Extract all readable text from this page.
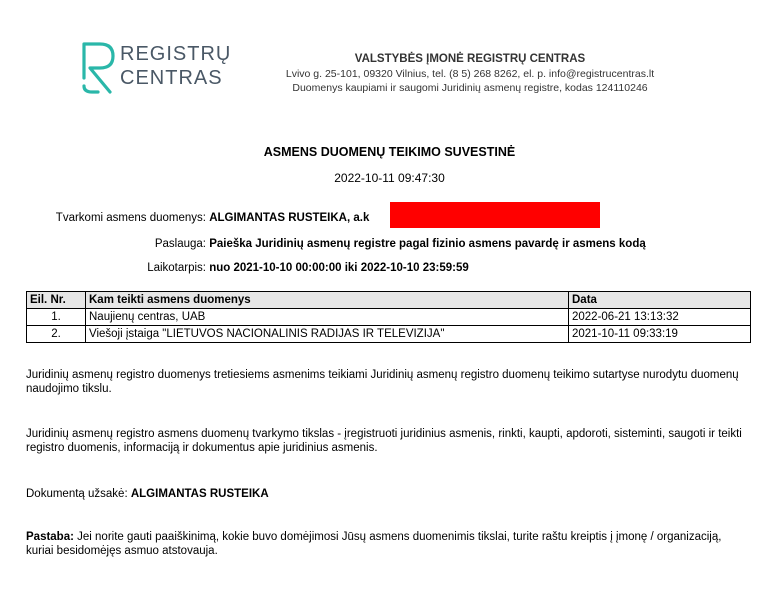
REGISTRŲ
CENTRAS
VALSTYBĖS ĮMONĖ REGISTRŲ CENTRAS
Lvivo g. 25-101, 09320 Vilnius, tel. (8 5) 268 8262, el. p. info@registrucentras.lt
Duomenys kaupiami ir saugomi Juridinių asmenų registre, kodas 124110246
ASMENS DUOMENŲ TEIKIMO SUVESTINĖ
2022-10-11 09:47:30
Tvarkomi asmens duomenys: ALGIMANTAS RUSTEIKA, a.k
Paslauga: Paieška Juridinių asmenų registre pagal fizinio asmens pavardę ir asmens kodą
Laikotarpis: nuo 2021-10-10 00:00:00 iki 2022-10-10 23:59:59
Eil. Nr.	Kam teikti asmens duomenys	Data
1.	Naujienų centras, UAB	2022-06-21 13:13:32
2.	Viešoji įstaiga "LIETUVOS NACIONALINIS RADIJAS IR TELEVIZIJA"	2021-10-11 09:33:19
Juridinių asmenų registro duomenys tretiesiems asmenims teikiami Juridinių asmenų registro duomenų teikimo sutartyse nurodytu duomenų naudojimo tikslu.
Juridinių asmenų registro asmens duomenų tvarkymo tikslas - įregistruoti juridinius asmenis, rinkti, kaupti, apdoroti, sisteminti, saugoti ir teikti registro duomenis, informaciją ir dokumentus apie juridinius asmenis.
Dokumentą užsakė: ALGIMANTAS RUSTEIKA
Pastaba: Jei norite gauti paaiškinimą, kokie buvo domėjimosi Jūsų asmens duomenimis tikslai, turite raštu kreiptis į įmonę / organizaciją, kuriai besidomėjęs asmuo atstovauja.
